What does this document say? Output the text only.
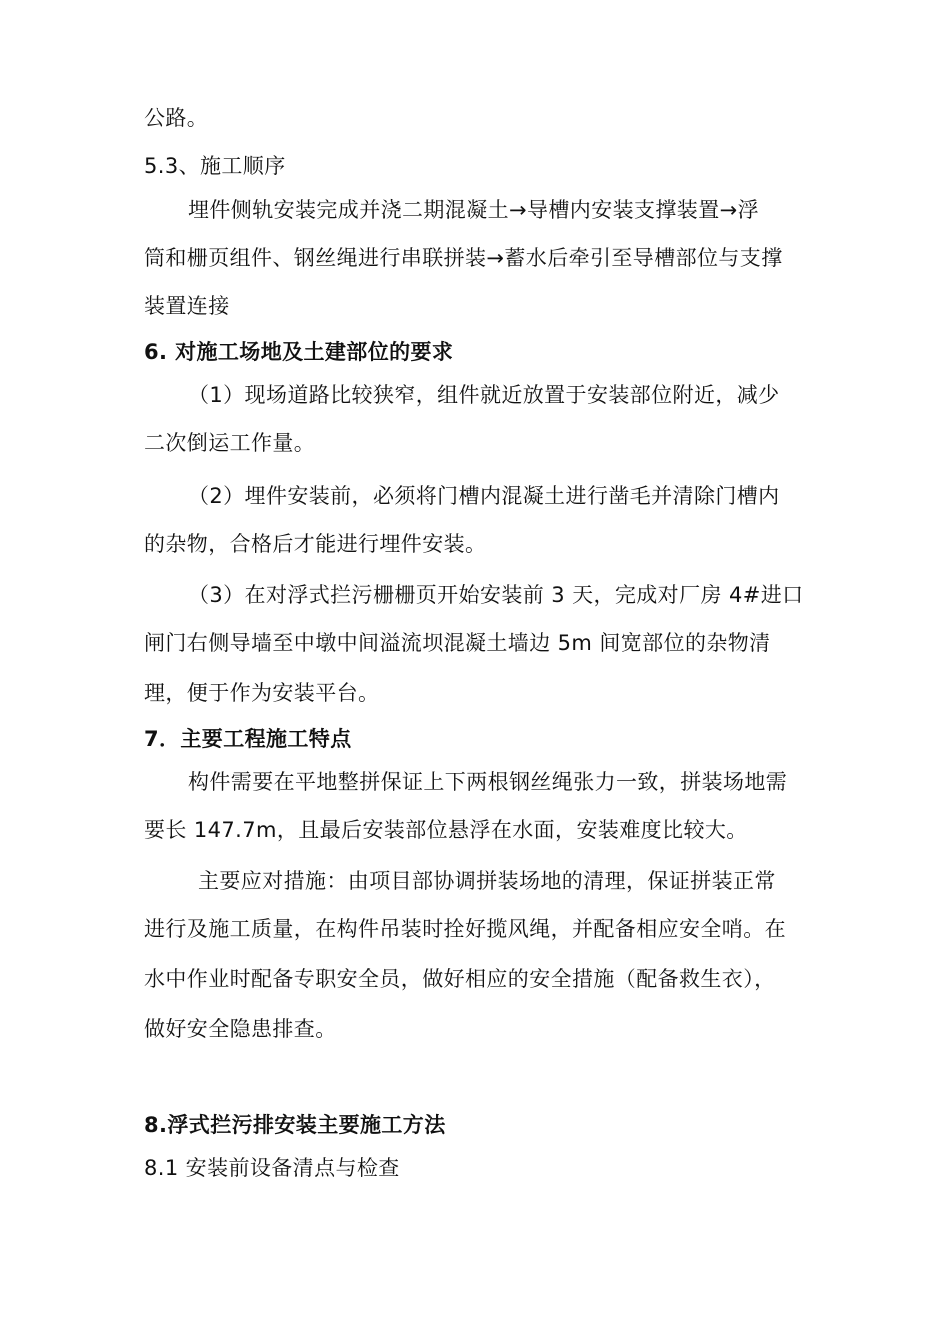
公路。

5.3、施工顺序

埋件侧轨安装完成并浇二期混凝土→导槽内安装支撑装置→浮

筒和栅页组件、钢丝绳进行串联拼装→蓄水后牵引至导槽部位与支撑

装置连接

6. 对施工场地及土建部位的要求

（1）现场道路比较狭窄，组件就近放置于安装部位附近，减少

二次倒运工作量。

（2）埋件安装前，必须将门槽内混凝土进行凿毛并清除门槽内

的杂物，合格后才能进行埋件安装。

（3）在对浮式拦污栅栅页开始安装前 3 天，完成对厂房 4#进口

闸门右侧导墙至中墩中间溢流坝混凝土墙边 5m 间宽部位的杂物清

理，便于作为安装平台。

7．主要工程施工特点

构件需要在平地整拼保证上下两根钢丝绳张力一致，拼装场地需

要长 147.7m，且最后安装部位悬浮在水面，安装难度比较大。

主要应对措施：由项目部协调拼装场地的清理，保证拼装正常

进行及施工质量，在构件吊装时拴好揽风绳，并配备相应安全哨。在

水中作业时配备专职安全员，做好相应的安全措施（配备救生衣），

做好安全隐患排查。

8.浮式拦污排安装主要施工方法

8.1 安装前设备清点与检查
